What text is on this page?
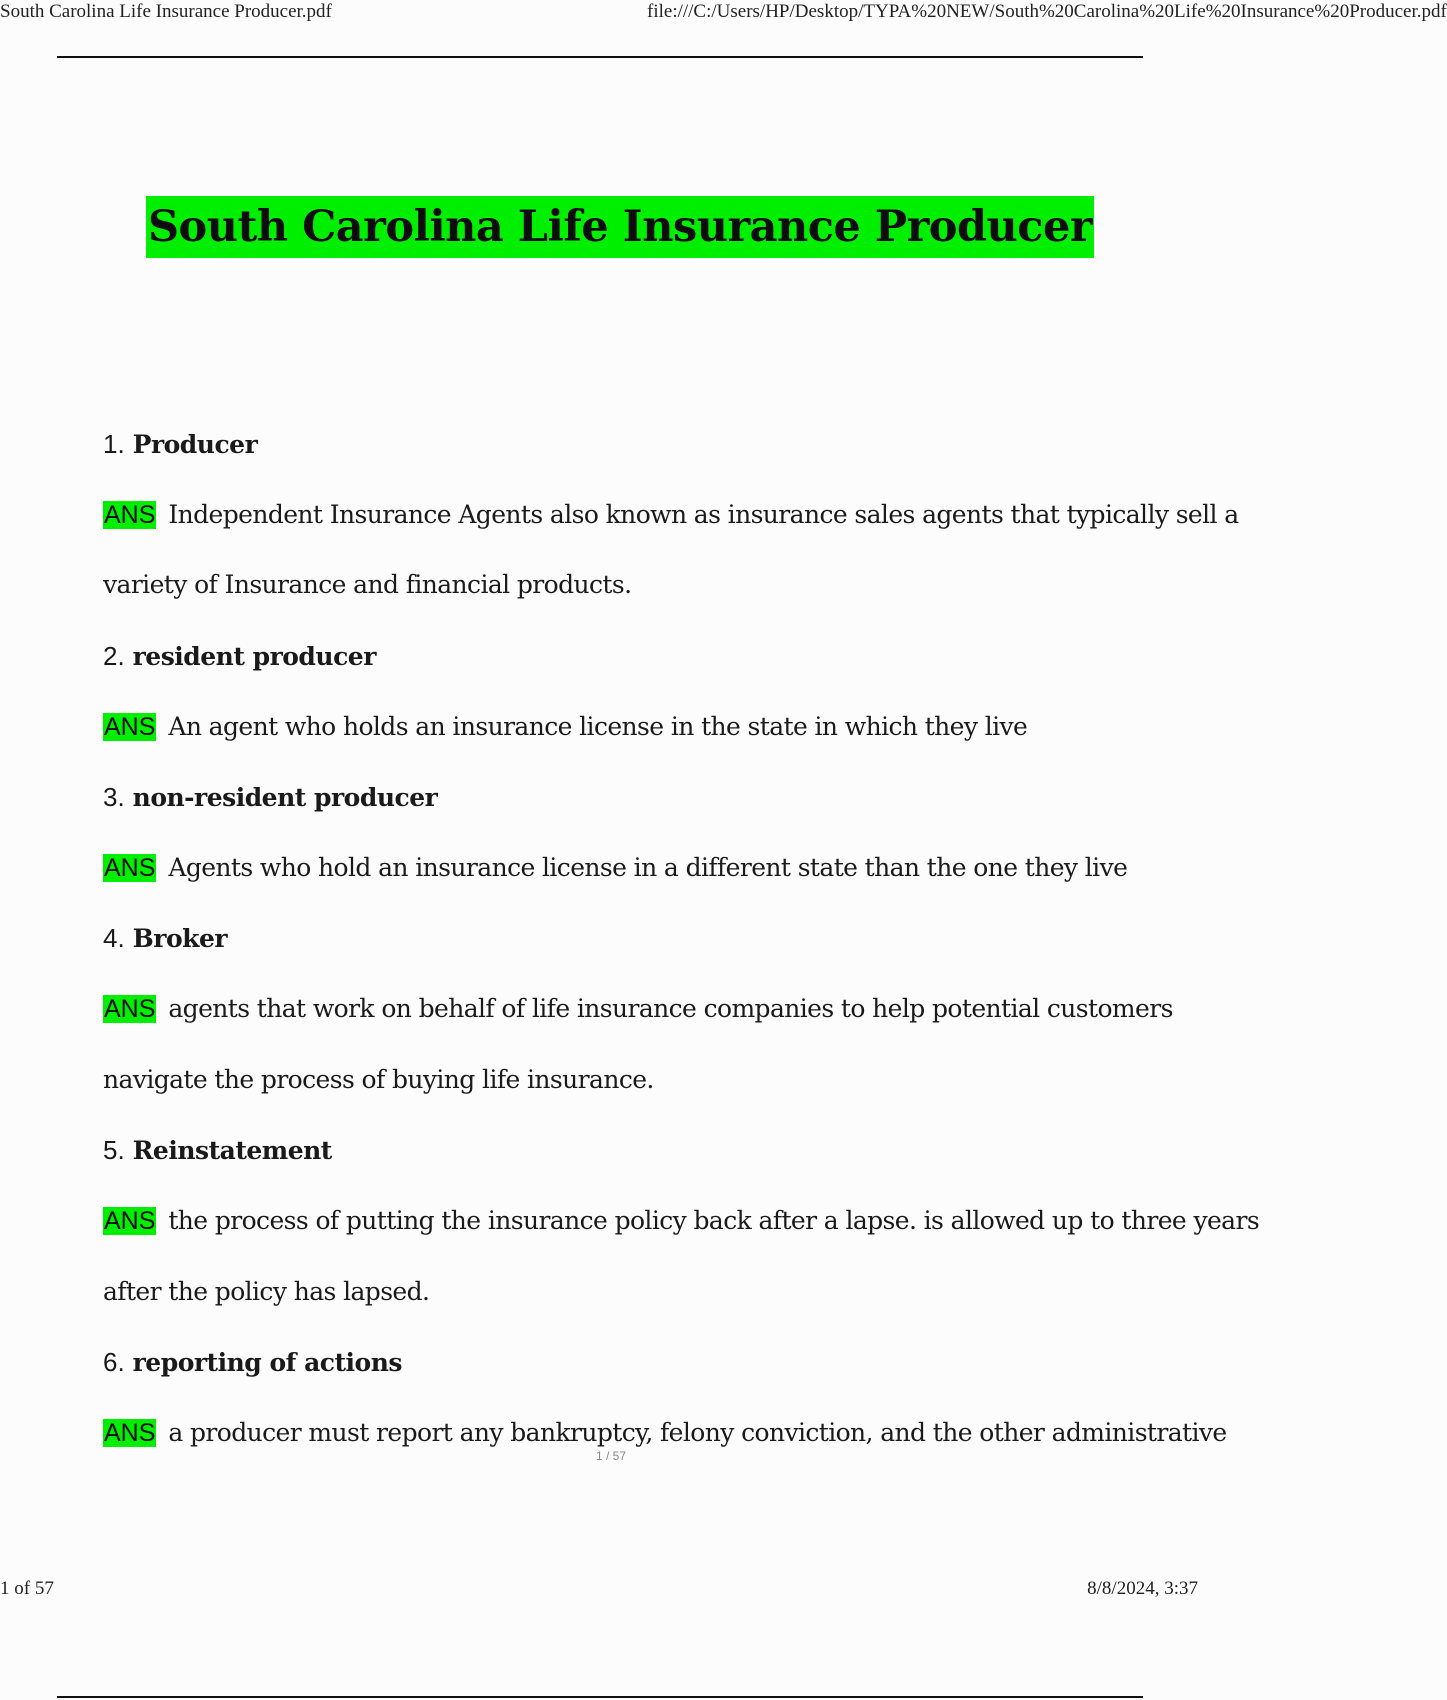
South Carolina Life Insurance Producer.pdf	file:///C:/Users/HP/Desktop/TYPA%20NEW/South%20Carolina%20Life%20Insurance%20Producer.pdf
South Carolina Life Insurance Producer
1. Producer
ANS Independent Insurance Agents also known as insurance sales agents that typically sell a
variety of Insurance and financial products.
2. resident producer
ANS An agent who holds an insurance license in the state in which they live
3. non-resident producer
ANS Agents who hold an insurance license in a different state than the one they live
4. Broker
ANS agents that work on behalf of life insurance companies to help potential customers
navigate the process of buying life insurance.
5. Reinstatement
ANS the process of putting the insurance policy back after a lapse. is allowed up to three years
after the policy has lapsed.
6. reporting of actions
ANS a producer must report any bankruptcy, felony conviction, and the other administrative
1 / 57
1 of 57	8/8/2024, 3:37
